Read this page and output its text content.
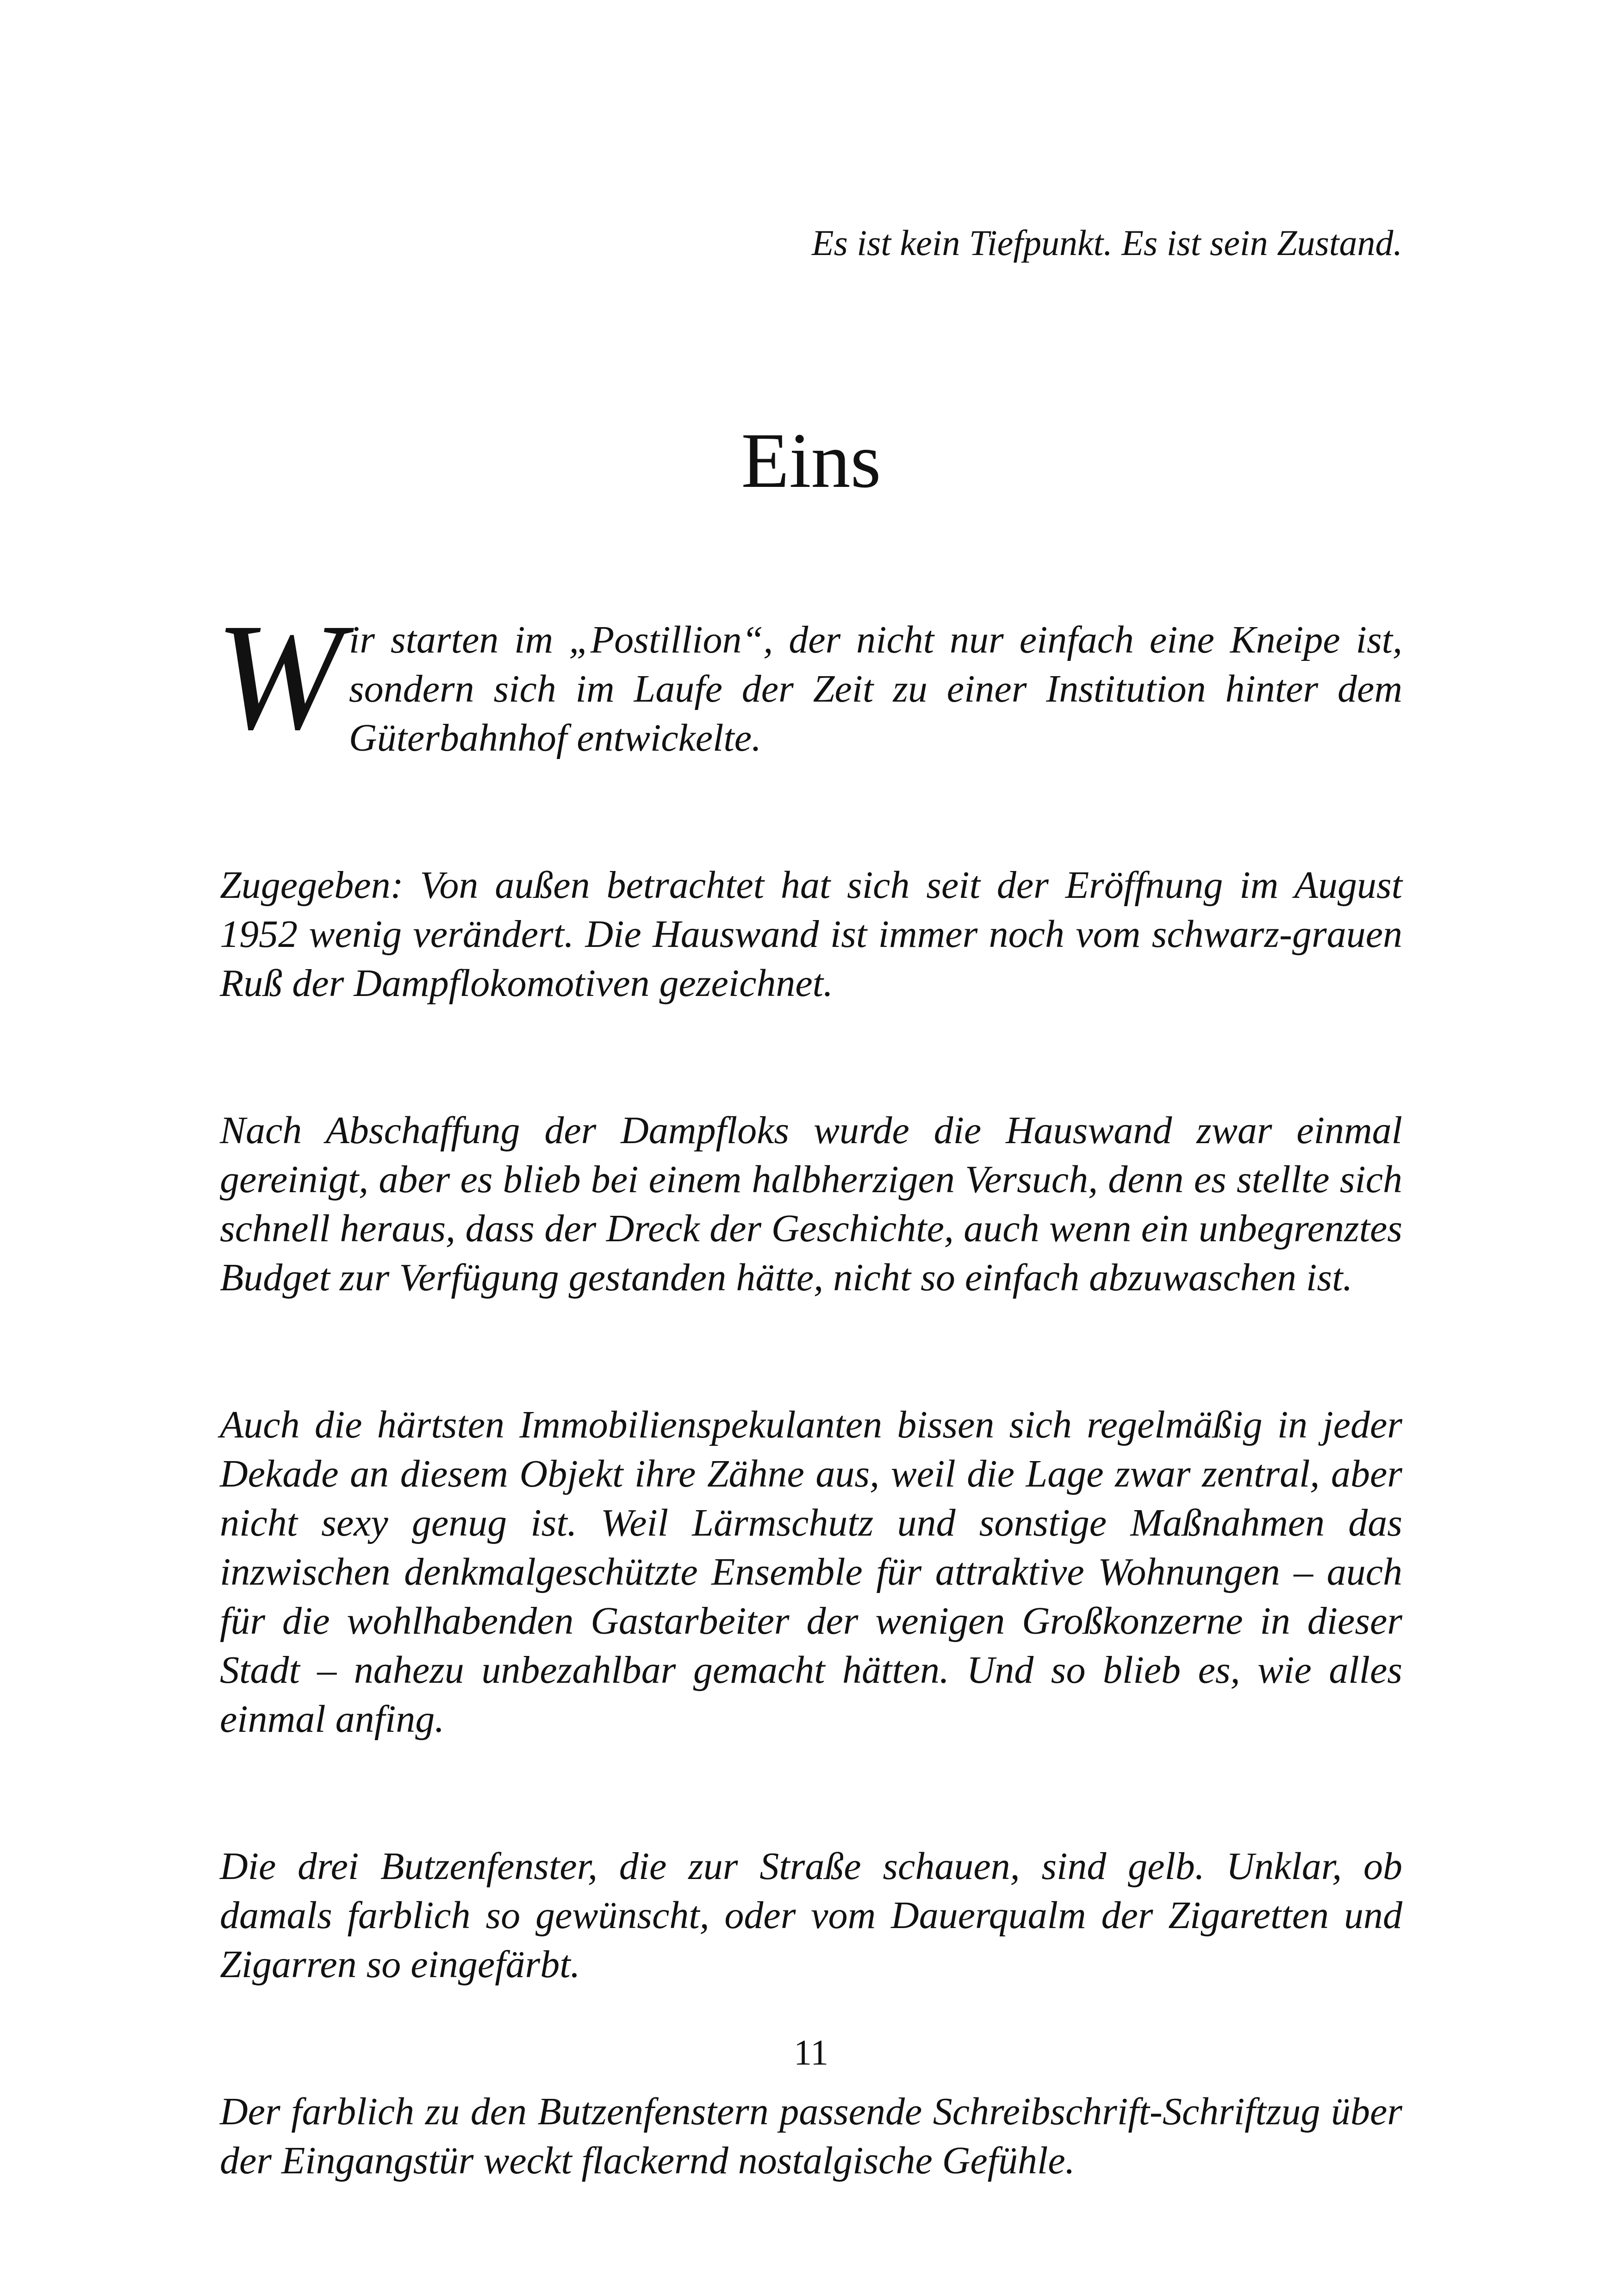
Es ist kein Tiefpunkt. Es ist sein Zustand.
Eins

Wir starten im „Postillion“, der nicht nur einfach eine Kneipe ist, sondern sich im Laufe der Zeit zu einer Institution hinter dem Güterbahnhof entwickelte.

Zugegeben: Von außen betrachtet hat sich seit der Eröffnung im August 1952 wenig verändert. Die Hauswand ist immer noch vom schwarz-grauen Ruß der Dampflokomotiven gezeichnet.

Nach Abschaffung der Dampfloks wurde die Hauswand zwar einmal gereinigt, aber es blieb bei einem halbherzigen Versuch, denn es stellte sich schnell heraus, dass der Dreck der Geschichte, auch wenn ein unbegrenztes Budget zur Verfügung gestanden hätte, nicht so einfach abzuwaschen ist.

Auch die härtsten Immobilienspekulanten bissen sich regelmäßig in jeder Dekade an diesem Objekt ihre Zähne aus, weil die Lage zwar zentral, aber nicht sexy genug ist. Weil Lärmschutz und sonstige Maßnahmen das inzwischen denkmalgeschützte Ensemble für attraktive Wohnungen – auch für die wohlhabenden Gastarbeiter der wenigen Großkonzerne in dieser Stadt – nahezu unbezahlbar gemacht hätten. Und so blieb es, wie alles einmal anfing.

Die drei Butzenfenster, die zur Straße schauen, sind gelb. Unklar, ob damals farblich so gewünscht, oder vom Dauerqualm der Zigaretten und Zigarren so eingefärbt.

Der farblich zu den Butzenfenstern passende Schreibschrift-Schriftzug über der Eingangstür weckt flackernd nostalgische Gefühle.

11
